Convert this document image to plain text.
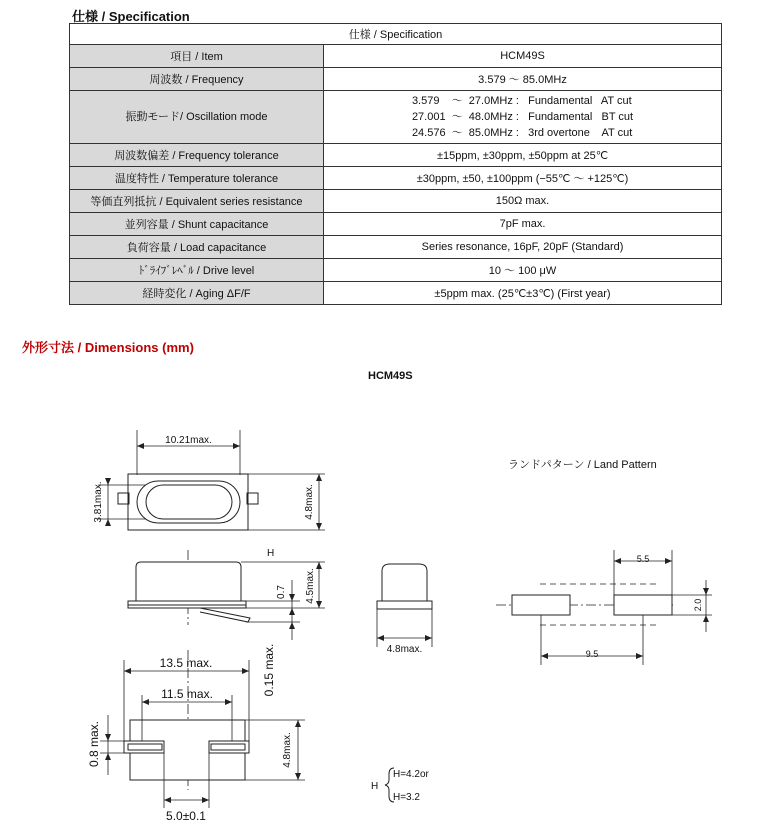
仕様 / Specification
仕様 / Specification	
項目 / Item	HCM49S
周波数 / Frequency	3.579 ～ 85.0MHz
振動モード/ Oscillation mode	3.579    ～  27.0MHz :   Fundamental   AT cut
27.001  ～  48.0MHz :   Fundamental   BT cut
24.576  ～  85.0MHz :   3rd overtone    AT cut

周波数偏差 / Frequency tolerance	±15ppm, ±30ppm, ±50ppm at 25℃
温度特性 / Temperature tolerance	±30ppm, ±50, ±100ppm (−55℃ ～ +125℃)
等価直列抵抗 / Equivalent series resistance	150Ω max.
並列容量 / Shunt capacitance	7pF max.
負荷容量 / Load capacitance	Series resonance, 16pF, 20pF (Standard)
ﾄﾞﾗｲﾌﾞﾚﾍﾞﾙ / Drive level	10 ～ 100 μW
経時変化 / Aging ΔF/F	±5ppm max. (25℃±3℃) (First year)
外形寸法 / Dimensions (mm)
HCM49S
ランドパターン / Land Pattern
10.21max.
3.81max.	4.8max.
H
4.5max.
0.7
4.8max.
0.15 max.
13.5 max.
11.5 max.
0.8 max.	4.8max.
5.0±0.1
5.5
2.0
9.5
H
H=4.2or
H=3.2
